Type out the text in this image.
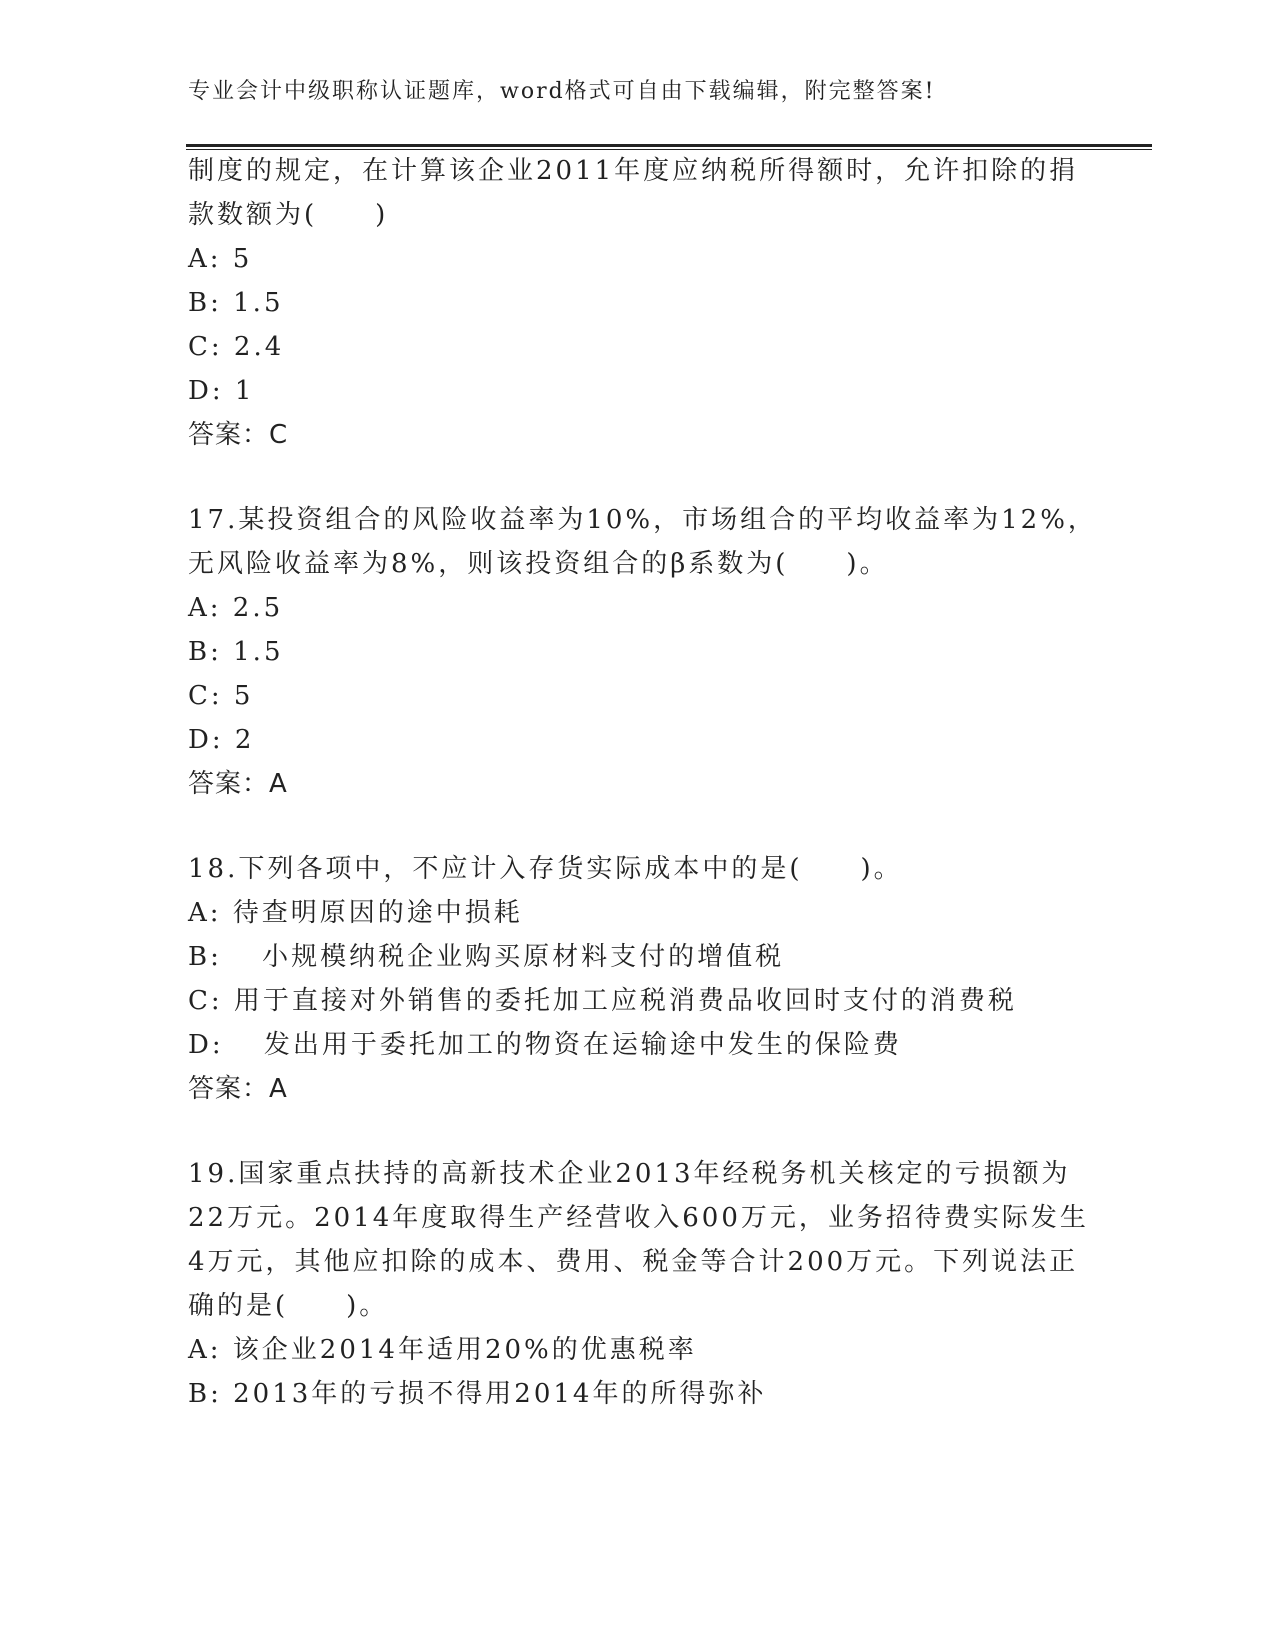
专业会计中级职称认证题库，word格式可自由下载编辑，附完整答案!
制度的规定，在计算该企业2011年度应纳税所得额时，允许扣除的捐
款数额为(　　)
A: 5
B: 1.5
C: 2.4
D: 1
答案：C
17.某投资组合的风险收益率为10%，市场组合的平均收益率为12%，
无风险收益率为8%，则该投资组合的β系数为(　　)。
A: 2.5
B: 1.5
C: 5
D: 2
答案：A
18.下列各项中，不应计入存货实际成本中的是(　　)。
A: 待查明原因的途中损耗
B: 　小规模纳税企业购买原材料支付的增值税
C: 用于直接对外销售的委托加工应税消费品收回时支付的消费税
D: 　发出用于委托加工的物资在运输途中发生的保险费
答案：A
19.国家重点扶持的高新技术企业2013年经税务机关核定的亏损额为
22万元。2014年度取得生产经营收入600万元，业务招待费实际发生
4万元，其他应扣除的成本、费用、税金等合计200万元。下列说法正
确的是(　　)。
A: 该企业2014年适用20%的优惠税率
B: 2013年的亏损不得用2014年的所得弥补
